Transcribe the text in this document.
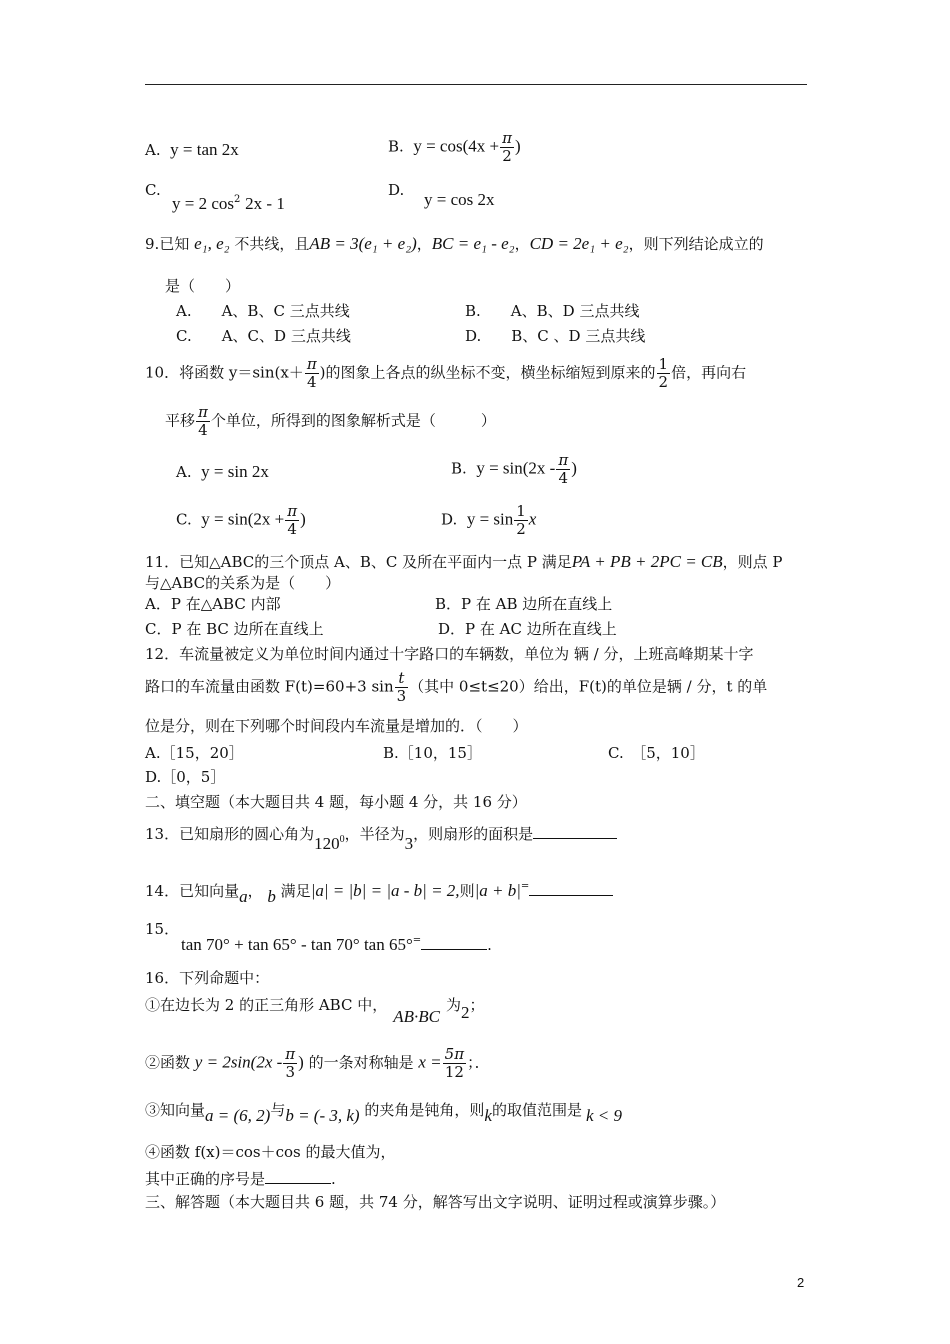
A. y = tan 2x	B. $y = \cos(4x + \frac{\pi}{2}$ )
C.
y = 2 $\cos^2 2x - 1$
D. y = cos 2x
9.已知 e₁, e₂ 不共线，且AB = 3(e₁ + e₂)，BC = e₁ - e₂，CD = 2e₁ + e₂，则下列结论成立的
是（　　）
A.　　A、B、C 三点共线	B.　　A、B、D 三点共线
C.　　A、C、D 三点共线	D.　　B、C 、D 三点共线
10．将函数 $y=\sin(x+ \frac{\pi}{4}$ )的图象上各点的纵坐标不变，横坐标缩短到原来的 $\frac{1}{2}$ 倍，再向右
平移 $\frac{\pi}{4}$ 个单位，所得到的图象解析式是（　　　）
A. y = sin 2x	B. $y = \sin(2x - \frac{\pi}{4}$ )
C. $y = \sin(2x + \frac{\pi}{4}$ )	D. $y = \sin \frac{1}{2}$ x
11．已知△ABC的三个顶点 A、B、C 及所在平面内一点 P 满足PA + PB + 2PC = CB，则点 P
与△ABC的关系为是（　　）
A．P 在△ABC 内部	B．P 在 AB 边所在直线上
C．P 在 BC 边所在直线上	D．P 在 AC 边所在直线上
12．车流量被定义为单位时间内通过十字路口的车辆数，单位为 辆 / 分，上班高峰期某十字
路口的车流量由函数 F(t)=60+3 $\sin \frac{t}{3}$ （其中 0≤t≤20）给出，F(t)的单位是辆 / 分，t 的单
位是分，则在下列哪个时间段内车流量是增加的．（　　）
A.［15，20］	B.［10，15］	C.　［5，10］
D.［0，5］
二、填空题（本大题目共 4 题，每小题 4 分，共 16 分）
13．已知扇形的圆心角为$120^0$，半径为3，则扇形的面积是
14．已知向量a， b 满足|a| = |b| = |a - b| = 2,则|a + b|=
15．
tan 70° + tan 65° - tan 70° tan 65°=	.
16．下列命题中：
①在边长为 2 的正三角形 ABC 中，AB·BC为2；
②函数 $y = 2\sin(2x - \frac{\pi}{3}$ ) 的一条对称轴是 $x = \frac{5\pi}{12}$ ；．
③知向量a = (6, 2)与b = (- 3, k) 的夹角是钝角，则k的取值范围是 k < 9
④函数 f(x)＝cos＋cos 的最大值为，
其中正确的序号是	.
三、解答题（本大题目共 6 题，共 74 分，解答写出文字说明、证明过程或演算步骤。）
2
